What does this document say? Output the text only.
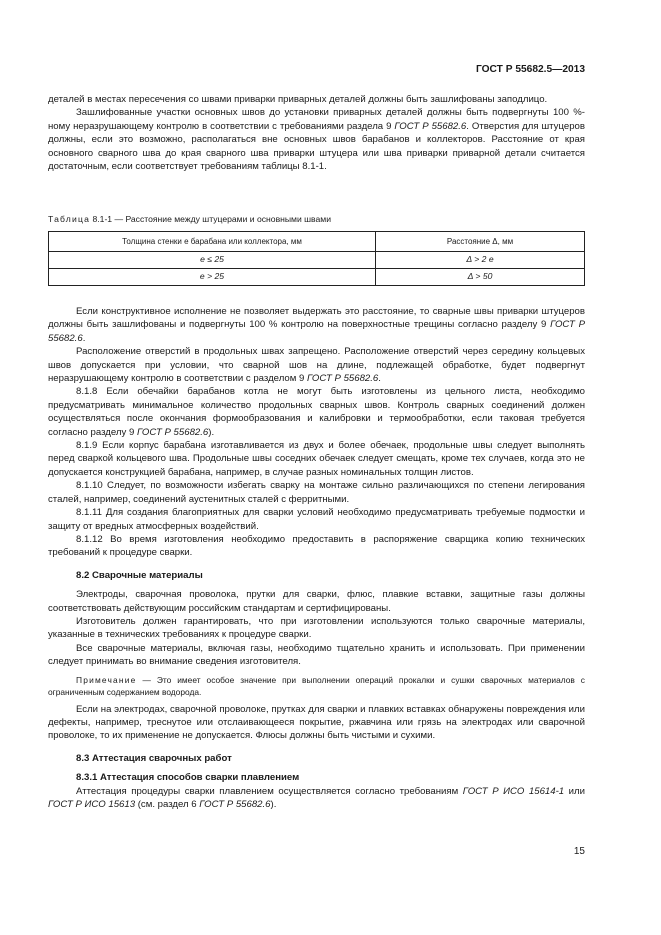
ГОСТ Р 55682.5—2013

деталей в местах пересечения со швами приварки приварных деталей должны быть зашлифованы заподлицо.

Зашлифованные участки основных швов до установки приварных деталей должны быть подвергнуты 100 %-ному неразрушающему контролю в соответствии с требованиями раздела 9 ГОСТ Р 55682.6. Отверстия для штуцеров должны, если это возможно, располагаться вне основных швов барабанов и коллекторов. Расстояние от края основного сварного шва до края сварного шва приварки штуцера или шва приварки приварной детали считается достаточным, если соответствует требованиям таблицы 8.1-1.

Таблица 8.1-1 — Расстояние между штуцерами и основными швами
Толщина стенки e барабана или коллектора, мм	Расстояние Δ, мм
e ≤ 25	Δ > 2 e
e > 25	Δ > 50

Если конструктивное исполнение не позволяет выдержать это расстояние, то сварные швы приварки штуцеров должны быть зашлифованы и подвергнуты 100 % контролю на поверхностные трещины согласно разделу 9 ГОСТ Р 55682.6.

Расположение отверстий в продольных швах запрещено. Расположение отверстий через середину кольцевых швов допускается при условии, что сварной шов на длине, подлежащей обработке, будет подвергнут неразрушающему контролю в соответствии с разделом 9 ГОСТ Р 55682.6.

8.1.8 Если обечайки барабанов котла не могут быть изготовлены из цельного листа, необходимо предусматривать минимальное количество продольных сварных швов. Контроль сварных соединений должен осуществляться после окончания формообразования и калибровки и термообработки, если таковая требуется согласно разделу 9 ГОСТ Р 55682.6).

8.1.9 Если корпус барабана изготавливается из двух и более обечаек, продольные швы следует выполнять перед сваркой кольцевого шва. Продольные швы соседних обечаек следует смещать, кроме тех случаев, когда это не допускается конструкцией барабана, например, в случае разных номинальных толщин листов.

8.1.10 Следует, по возможности избегать сварку на монтаже сильно различающихся по степени легирования сталей, например, соединений аустенитных сталей с ферритными.

8.1.11 Для создания благоприятных для сварки условий необходимо предусматривать требуемые подмостки и защиту от вредных атмосферных воздействий.

8.1.12 Во время изготовления необходимо предоставить в распоряжение сварщика копию технических требований к процедуре сварки.

8.2 Сварочные материалы

Электроды, сварочная проволока, прутки для сварки, флюс, плавкие вставки, защитные газы должны соответствовать действующим российским стандартам и сертифицированы.

Изготовитель должен гарантировать, что при изготовлении используются только сварочные материалы, указанные в технических требованиях к процедуре сварки.

Все сварочные материалы, включая газы, необходимо тщательно хранить и использовать. При применении следует принимать во внимание сведения изготовителя.

Примечание — Это имеет особое значение при выполнении операций прокалки и сушки сварочных материалов с ограниченным содержанием водорода.

Если на электродах, сварочной проволоке, прутках для сварки и плавких вставках обнаружены повреждения или дефекты, например, треснутое или отслаивающееся покрытие, ржавчина или грязь на электродах или сварочной проволоке, то их применение не допускается. Флюсы должны быть чистыми и сухими.

8.3 Аттестация сварочных работ

8.3.1 Аттестация способов сварки плавлением

Аттестация процедуры сварки плавлением осуществляется согласно требованиям ГОСТ Р ИСО 15614-1 или ГОСТ Р ИСО 15613 (см. раздел 6 ГОСТ Р 55682.6).

15
